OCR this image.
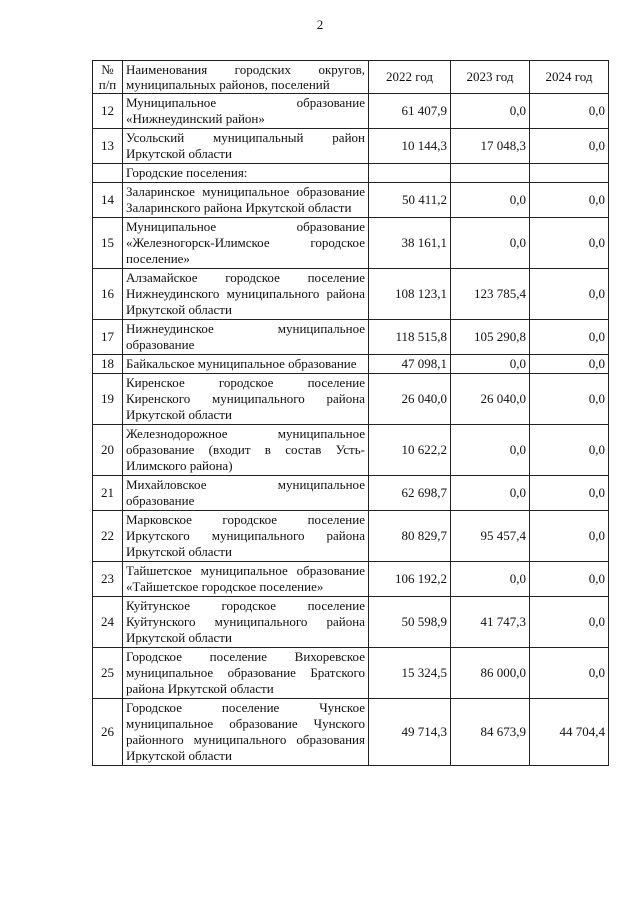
2
№
п/п	Наименования городских округов, муниципальных районов, поселений	2022 год	2023 год	2024 год
12	Муниципальное образование «Нижнеудинский район»	61 407,9	0,0	0,0
13	Усольский муниципальный район Иркутской области	10 144,3	17 048,3	0,0
	Городские поселения:			
14	Заларинское муниципальное образование Заларинского района Иркутской области	50 411,2	0,0	0,0
15	Муниципальное образование «Железногорск-Илимское городское поселение»	38 161,1	0,0	0,0
16	Алзамайское городское поселение Нижнеудинского муниципального района Иркутской области	108 123,1	123 785,4	0,0
17	Нижнеудинское муниципальное образование	118 515,8	105 290,8	0,0
18	Байкальское муниципальное образование	47 098,1	0,0	0,0
19	Киренское городское поселение Киренского муниципального района Иркутской области	26 040,0	26 040,0	0,0
20	Железнодорожное муниципальное образование (входит в состав Усть-Илимского района)	10 622,2	0,0	0,0
21	Михайловское муниципальное образование	62 698,7	0,0	0,0
22	Марковское городское поселение Иркутского муниципального района Иркутской области	80 829,7	95 457,4	0,0
23	Тайшетское муниципальное образование «Тайшетское городское поселение»	106 192,2	0,0	0,0
24	Куйтунское городское поселение Куйтунского муниципального района Иркутской области	50 598,9	41 747,3	0,0
25	Городское поселение Вихоревское муниципальное образование Братского района Иркутской области	15 324,5	86 000,0	0,0
26	Городское поселение Чунское муниципальное образование Чунского районного муниципального образования Иркутской области	49 714,3	84 673,9	44 704,4
